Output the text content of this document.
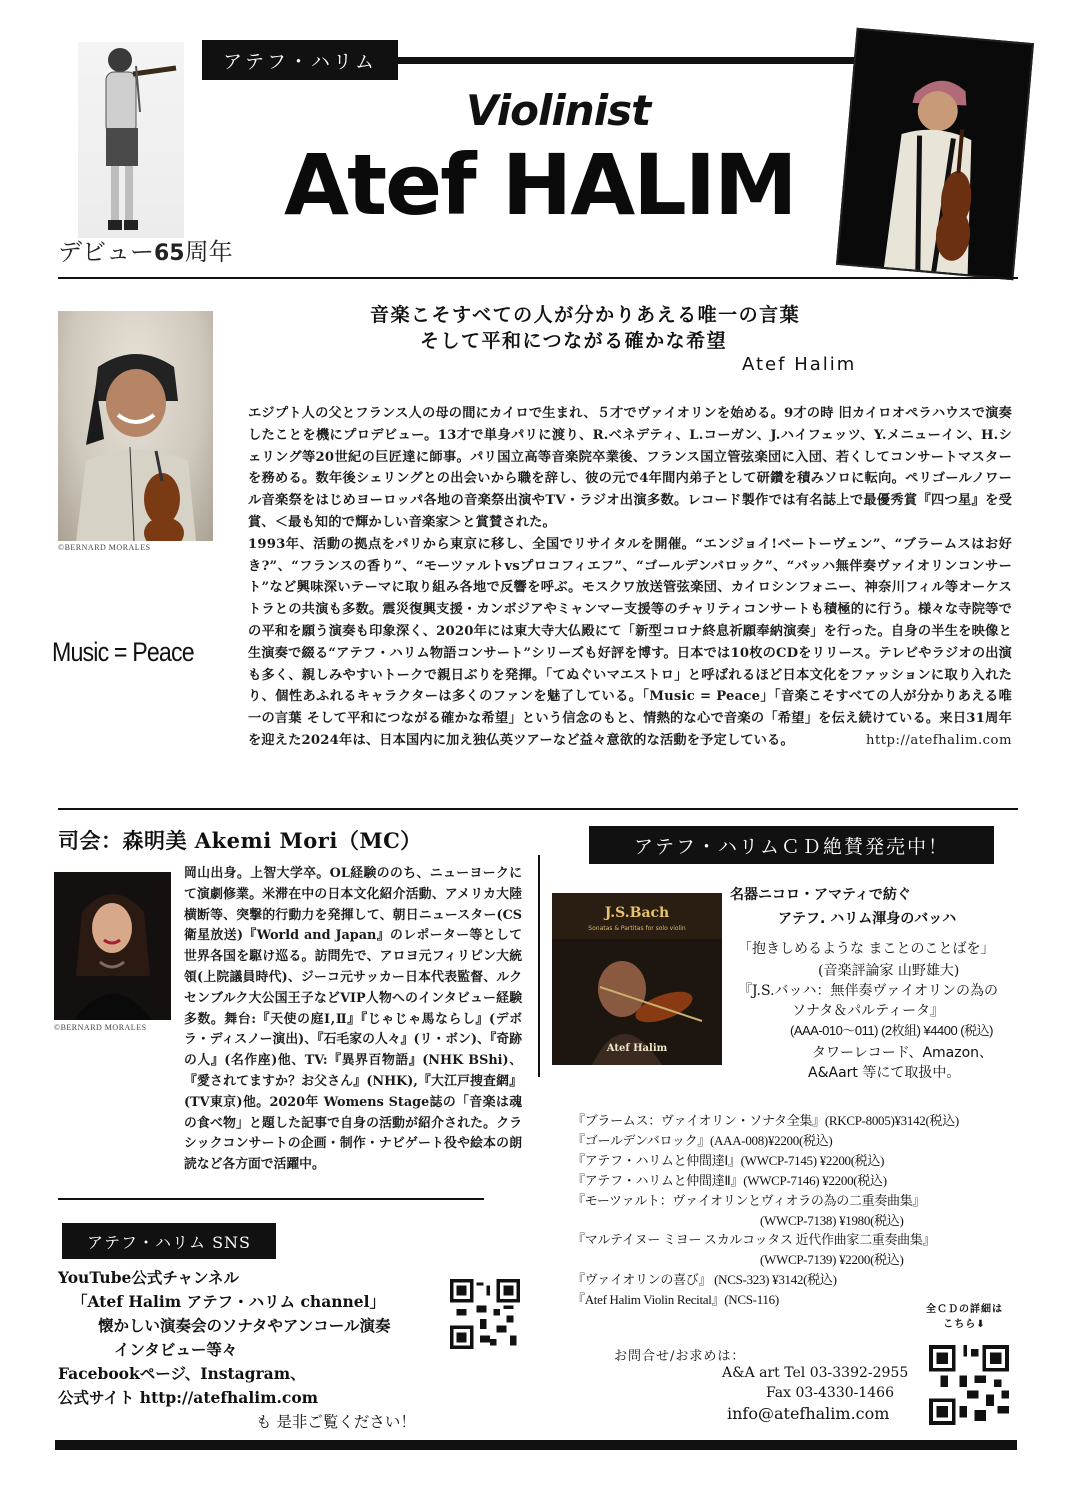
アテフ・ハリム
Violinist
Atef HALIM
デビュー65周年
©BERNARD MORALES
Music = Peace
音楽こそすべての人が分かりあえる唯一の言葉
そして平和につながる確かな希望
Atef Halim

エジプト人の父とフランス人の母の間にカイロで生まれ、５才でヴァイオリンを始める。9才の時 旧カイロオペラハウスで演奏したことを機にプロデビュー。13才で単身パリに渡り、R.ベネデティ、L.コーガン、J.ハイフェッツ、Y.メニューイン、H.シェリング等20世紀の巨匠達に師事。パリ国立高等音楽院卒業後、フランス国立管弦楽団に入団、若くしてコンサートマスターを務める。数年後シェリングとの出会いから職を辞し、彼の元で4年間内弟子として研鑽を積みソロに転向。ペリゴールノワール音楽祭をはじめヨーロッパ各地の音楽祭出演やTV・ラジオ出演多数。レコード製作では有名誌上で最優秀賞『四つ星』を受賞、＜最も知的で輝かしい音楽家＞と賞賛された。

1993年、活動の拠点をパリから東京に移し、全国でリサイタルを開催。“エンジョイ!ベートーヴェン”、“ブラームスはお好き?”、“フランスの香り”、“モーツァルトvsプロコフィエフ”、“ゴールデンバロック”、“バッハ無伴奏ヴァイオリンコンサート”など興味深いテーマに取り組み各地で反響を呼ぶ。モスクワ放送管弦楽団、カイロシンフォニー、神奈川フィル等オーケストラとの共演も多数。震災復興支援・カンボジアやミャンマー支援等のチャリティコンサートも積極的に行う。様々な寺院等での平和を願う演奏も印象深く、2020年には東大寺大仏殿にて「新型コロナ終息祈願奉納演奏」を行った。自身の半生を映像と生演奏で綴る“アテフ・ハリム物語コンサート”シリーズも好評を博す。日本では10枚のCDをリリース。テレビやラジオの出演も多く、親しみやすいトークで親日ぶりを発揮。「てぬぐいマエストロ」と呼ばれるほど日本文化をファッションに取り入れたり、個性あふれるキャラクターは多くのファンを魅了している。「Music = Peace」「音楽こそすべての人が分かりあえる唯一の言葉 そして平和につながる確かな希望」という信念のもと、情熱的な心で音楽の「希望」を伝え続けている。来日31周年を迎えた2024年は、日本国内に加え独仏英ツアーなど益々意欲的な活動を予定している。	http://atefhalim.com

司会：森明美 Akemi Mori（MC）
©BERNARD MORALES
岡山出身。上智大学卒。OL経験ののち、ニューヨークにて演劇修業。米滞在中の日本文化紹介活動、アメリカ大陸横断等、突撃的行動力を発揮して、朝日ニュースター(CS衛星放送)『World and Japan』のレポーター等として世界各国を駆け巡る。訪問先で、アロヨ元フィリピン大統領(上院議員時代)、ジーコ元サッカー日本代表監督、ルクセンブルク大公国王子などVIP人物へのインタビュー経験多数。舞台:『天使の庭Ⅰ,Ⅱ』『じゃじゃ馬ならし』(デボラ・ディスノー演出)、『石毛家の人々』(リ・ボン)、『奇跡の人』(名作座)他、TV:『異界百物語』(NHK BShi)、『愛されてますか？お父さん』(NHK),『大江戸捜査網』(TV東京)他。2020年 Womens Stage誌の「音楽は魂の食べ物」と題した記事で自身の活動が紹介された。クラシックコンサートの企画・制作・ナビゲート役や絵本の朗読など各方面で活躍中。
アテフ・ハリム SNS
YouTube公式チャンネル
「Atef Halim アテフ・ハリム channel」
懐かしい演奏会のソナタやアンコール演奏
インタビュー等々
Facebookページ、Instagram、
公式サイト http://atefhalim.com
も 是非ご覧ください！
アテフ・ハリムＣＤ絶賛発売中！
J.S.Bach
Sonatas & Partitas for solo violin
Atef Halim
名器ニコロ・アマティで紡ぐ
アテフ. ハリム渾身のバッハ
「抱きしめるような まことのことばを」
(音楽評論家 山野雄大)
『J.S.バッハ：無伴奏ヴァイオリンの為の
ソナタ＆パルティータ』
(AAA-010〜011) (2枚組) ¥4400 (税込)
タワーレコード、Amazon、
A&Aart 等にて取扱中。
『ブラームス：ヴァイオリン・ソナタ全集』(RKCP-8005)¥3142(税込)
『ゴールデンバロック』(AAA-008)¥2200(税込)
『アテフ・ハリムと仲間達Ⅰ』(WWCP-7145) ¥2200(税込)
『アテフ・ハリムと仲間達Ⅱ』(WWCP-7146) ¥2200(税込)
『モーツァルト：ヴァイオリンとヴィオラの為の二重奏曲集』
(WWCP-7138) ¥1980(税込)
『マルテイヌー ミヨー スカルコッタス 近代作曲家二重奏曲集』
(WWCP-7139) ¥2200(税込)
『ヴァイオリンの喜び』 (NCS-323) ¥3142(税込)
『Atef Halim Violin Recital』(NCS-116)
全ＣＤの詳細は
こちら⬇
お問合せ/お求めは：
A&A art Tel 03-3392-2955
Fax 03-4330-1466
info@atefhalim.com
